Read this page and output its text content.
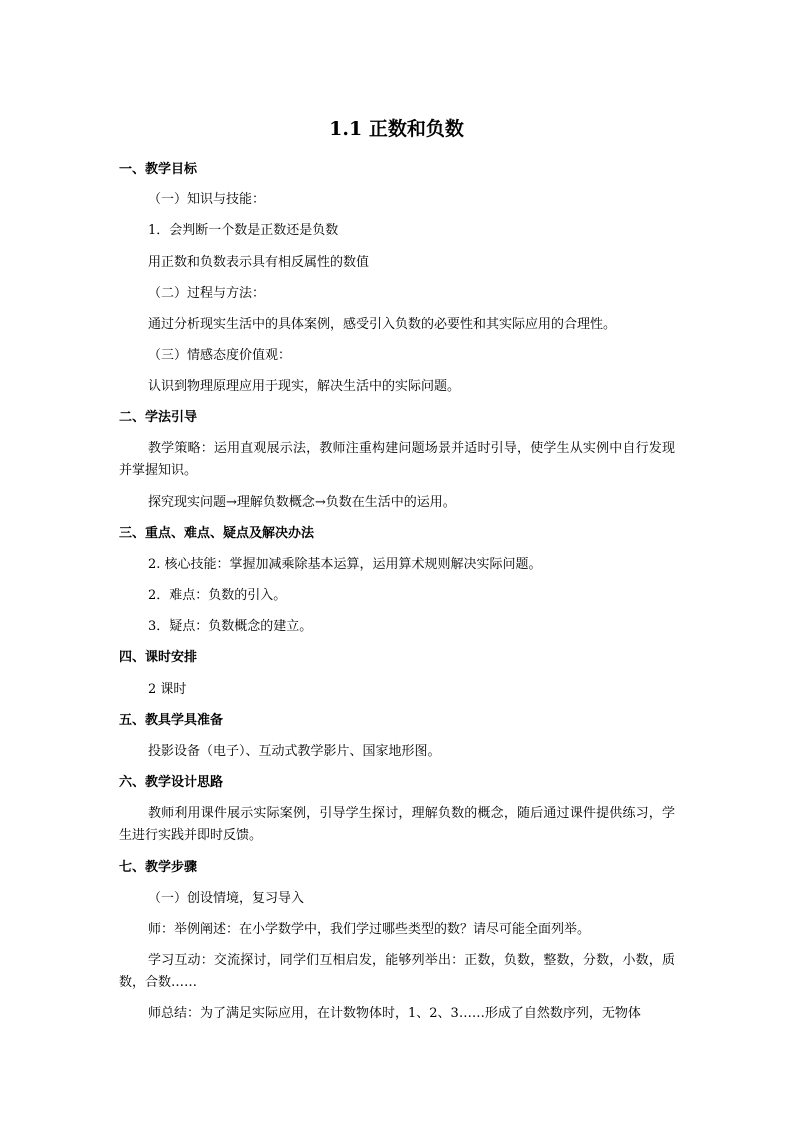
1.1 正数和负数
一、教学目标
（一）知识与技能：
1．会判断一个数是正数还是负数
用正数和负数表示具有相反属性的数值
（二）过程与方法：
通过分析现实生活中的具体案例，感受引入负数的必要性和其实际应用的合理性。
（三）情感态度价值观：
认识到物理原理应用于现实，解决生活中的实际问题。
二、学法引导
教学策略：运用直观展示法，教师注重构建问题场景并适时引导，使学生从实例中自行发现并掌握知识。
探究现实问题→理解负数概念→负数在生活中的运用。
三、重点、难点、疑点及解决办法
2. 核心技能：掌握加减乘除基本运算，运用算术规则解决实际问题。
2．难点：负数的引入。
3．疑点：负数概念的建立。
四、课时安排
2 课时
五、教具学具准备
投影设备（电子）、互动式教学影片、国家地形图。
六、教学设计思路
教师利用课件展示实际案例，引导学生探讨，理解负数的概念，随后通过课件提供练习，学生进行实践并即时反馈。
七、教学步骤
（一）创设情境，复习导入
师：举例阐述：在小学数学中，我们学过哪些类型的数？请尽可能全面列举。
学习互动：交流探讨，同学们互相启发，能够列举出：正数，负数，整数，分数，小数，质数，合数……
师总结：为了满足实际应用，在计数物体时，1、2、3……形成了自然数序列，无物体
